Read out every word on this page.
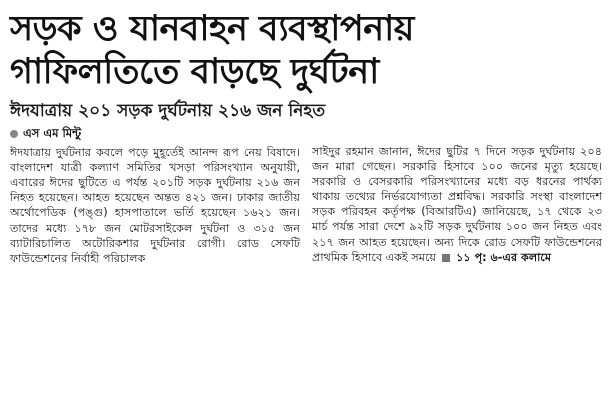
সড়ক ও যানবাহন ব্যবস্থাপনায়
গাফিলতিতে বাড়ছে দুর্ঘটনা
ঈদযাত্রায় ২০১ সড়ক দুর্ঘটনায় ২১৬ জন নিহত
এস এম মিন্টু

ঈদযাত্রায় দুর্ঘটনার কবলে পড়ে মুহূর্তেই আনন্দ রূপ নেয় বিষাদে। বাংলাদেশ যাত্রী কল্যাণ সমিতির খসড়া পরিসংখ্যান অনুযায়ী, এবারের ঈদের ছুটিতে এ পর্যন্ত ২০১টি সড়ক দুর্ঘটনায় ২১৬ জন নিহত হয়েছেন। আহত হয়েছেন অন্তত ৪২১ জন। ঢাকার জাতীয় অর্থোপেডিক (পঙ্গু) হাসপাতালে ভর্তি হয়েছেন ১৬২১ জন। তাদের মধ্যে ১৭৮ জন মোটরসাইকেল দুর্ঘটনা ও ৩১৫ জন ব্যাটারিচালিত অটোরিকশার দুর্ঘটনার রোগী। রোড সেফটি ফাউন্ডেশনের নির্বাহী পরিচালক

সাইদুর রহমান জানান, ঈদের ছুটির ৭ দিনে সড়ক দুর্ঘটনায় ২০৪ জন মারা গেছেন। সরকারি হিসাবে ১০০ জনের মৃত্যু হয়েছে। সরকারি ও বেসরকারি পরিসংখ্যানের মধ্যে বড় ধরনের পার্থক্য থাকায় তথ্যের নির্ভরযোগ্যতা প্রশ্নবিদ্ধ। সরকারি সংস্থা বাংলাদেশ সড়ক পরিবহন কর্তৃপক্ষ (বিআরটিএ) জানিয়েছে, ১৭ থেকে ২৩ মার্চ পর্যন্ত সারা দেশে ৯২টি সড়ক দুর্ঘটনায় ১০০ জন নিহত এবং ২১৭ জন আহত হয়েছেন। অন্য দিকে রোড সেফটি ফাউন্ডেশনের প্রাথমিক হিসাবে একই সময়ে ১১ পৃ: ৬-এর কলামে
